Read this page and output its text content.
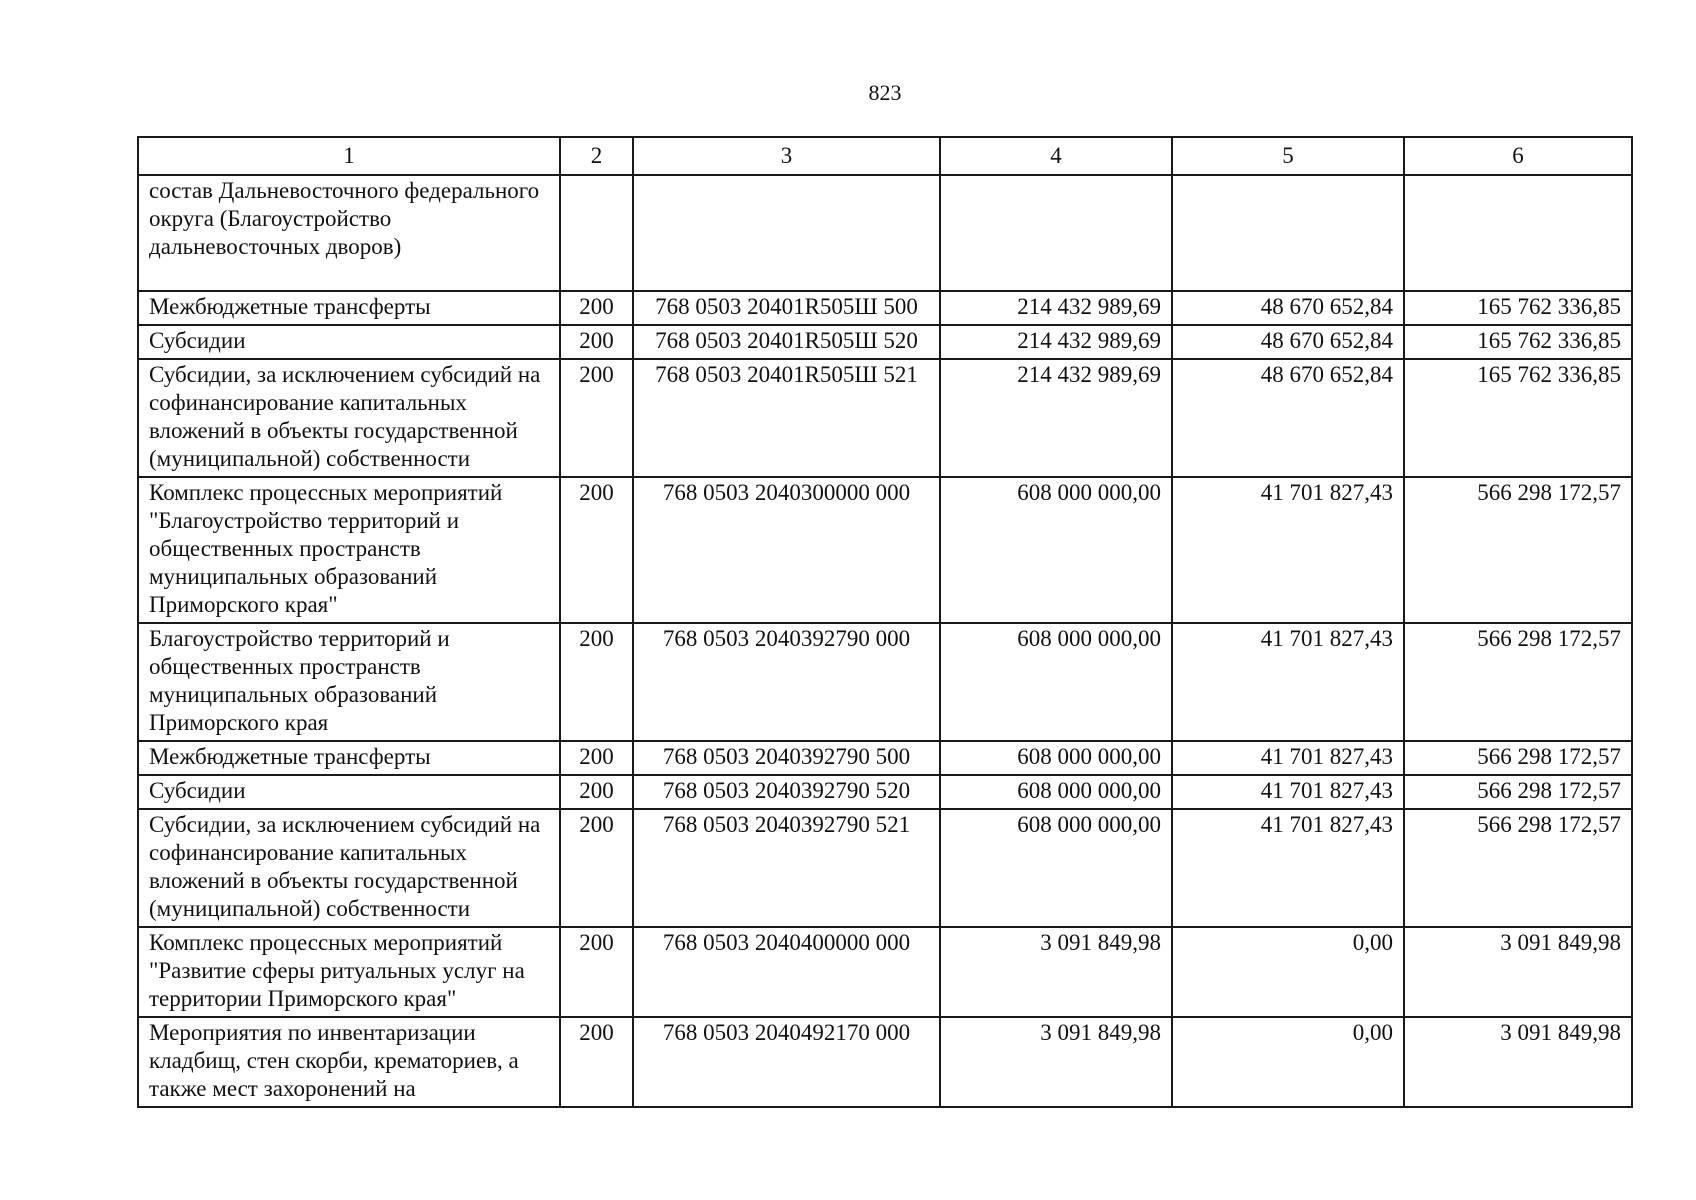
823
1	2	3	4	5	6
состав Дальневосточного федерального округа (Благоустройство дальневосточных дворов)					
Межбюджетные трансферты	200	768 0503 20401R505Ш 500	214 432 989,69	48 670 652,84	165 762 336,85
Субсидии	200	768 0503 20401R505Ш 520	214 432 989,69	48 670 652,84	165 762 336,85
Субсидии, за исключением субсидий на софинансирование капитальных вложений в объекты государственной (муниципальной) собственности	200	768 0503 20401R505Ш 521	214 432 989,69	48 670 652,84	165 762 336,85
Комплекс процессных мероприятий "Благоустройство территорий и общественных пространств муниципальных образований Приморского края"	200	768 0503 2040300000 000	608 000 000,00	41 701 827,43	566 298 172,57
Благоустройство территорий и общественных пространств муниципальных образований Приморского края	200	768 0503 2040392790 000	608 000 000,00	41 701 827,43	566 298 172,57
Межбюджетные трансферты	200	768 0503 2040392790 500	608 000 000,00	41 701 827,43	566 298 172,57
Субсидии	200	768 0503 2040392790 520	608 000 000,00	41 701 827,43	566 298 172,57
Субсидии, за исключением субсидий на софинансирование капитальных вложений в объекты государственной (муниципальной) собственности	200	768 0503 2040392790 521	608 000 000,00	41 701 827,43	566 298 172,57
Комплекс процессных мероприятий "Развитие сферы ритуальных услуг на территории Приморского края"	200	768 0503 2040400000 000	3 091 849,98	0,00	3 091 849,98
Мероприятия по инвентаризации кладбищ, стен скорби, крематориев, а также мест захоронений на	200	768 0503 2040492170 000	3 091 849,98	0,00	3 091 849,98
